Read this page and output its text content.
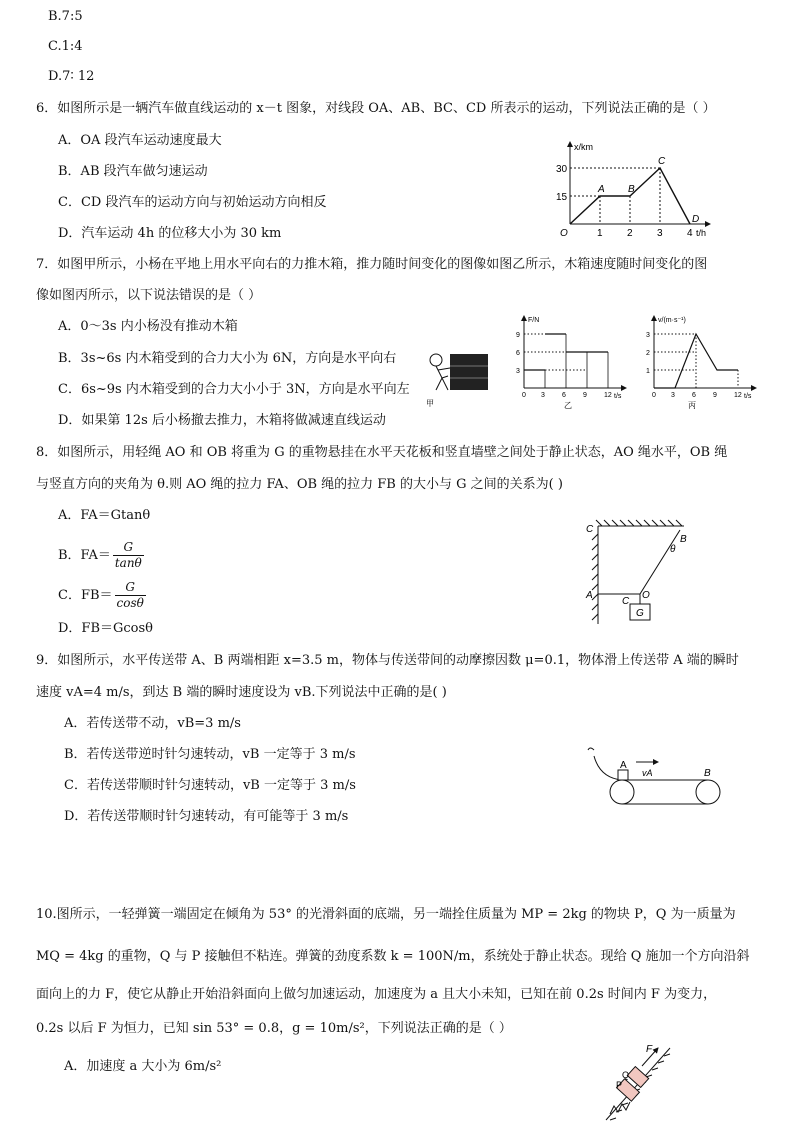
B.7:5
C.1:4
D.7∶ 12
6．如图所示是一辆汽车做直线运动的 x－t 图象，对线段 OA、AB、BC、CD 所表示的运动，下列说法正确的是（ ）
A．OA 段汽车运动速度最大
B．AB 段汽车做匀速运动
C．CD 段汽车的运动方向与初始运动方向相反
D．汽车运动 4h 的位移大小为 30 km
x/km
t/h
O
A B
C
D
1 2 3 4
30
15
7．如图甲所示，小杨在平地上用水平向右的力推木箱，推力随时间变化的图像如图乙所示，木箱速度随时间变化的图
像如图丙所示，以下说法错误的是（ ）
A．0～3s 内小杨没有推动木箱
B．3s~6s 内木箱受到的合力大小为 6N，方向是水平向右
C．6s~9s 内木箱受到的合力大小小于 3N，方向是水平向左
D．如果第 12s 后小杨撤去推力，木箱将做减速直线运动
甲
F/N
t/s
乙
9
6
3
0 3 6 9 12
v/(m·s⁻¹)
t/s
丙
3
2
1
0 3 6 9 12
8．如图所示，用轻绳 AO 和 OB 将重为 G 的重物悬挂在水平天花板和竖直墙壁之间处于静止状态，AO 绳水平，OB 绳
与竖直方向的夹角为 θ.则 AO 绳的拉力 FA、OB 绳的拉力 FB 的大小与 G 之间的关系为( )
A．FA＝Gtanθ
B．$FA= \frac{G}{\tan\theta}$
C．$FB= \frac{G}{\cos\theta}$
D．FB＝Gcosθ
C
B
θ
A
C
O
G
9．如图所示，水平传送带 A、B 两端相距 x=3.5 m，物体与传送带间的动摩擦因数 μ=0.1，物体滑上传送带 A 端的瞬时
速度 vA=4 m/s，到达 B 端的瞬时速度设为 vB.下列说法中正确的是( )
A．若传送带不动，vB=3 m/s
B．若传送带逆时针匀速转动，vB 一定等于 3 m/s
C．若传送带顺时针匀速转动，vB 一定等于 3 m/s
D．若传送带顺时针匀速转动，有可能等于 3 m/s
A
vA	B
10.图所示，一轻弹簧一端固定在倾角为 53° 的光滑斜面的底端，另一端拴住质量为 MP = 2kg 的物块 P，Q 为一质量为
MQ = 4kg 的重物，Q 与 P 接触但不粘连。弹簧的劲度系数 k = 100N/m，系统处于静止状态。现给 Q 施加一个方向沿斜
面向上的力 F，使它从静止开始沿斜面向上做匀加速运动，加速度为 a 且大小未知，已知在前 0.2s 时间内 F 为变力，
0.2s 以后 F 为恒力，已知 sin 53° = 0.8，g = 10m/s²，下列说法正确的是（ ）
A．加速度 a 大小为 6m/s²
F
Q
P
